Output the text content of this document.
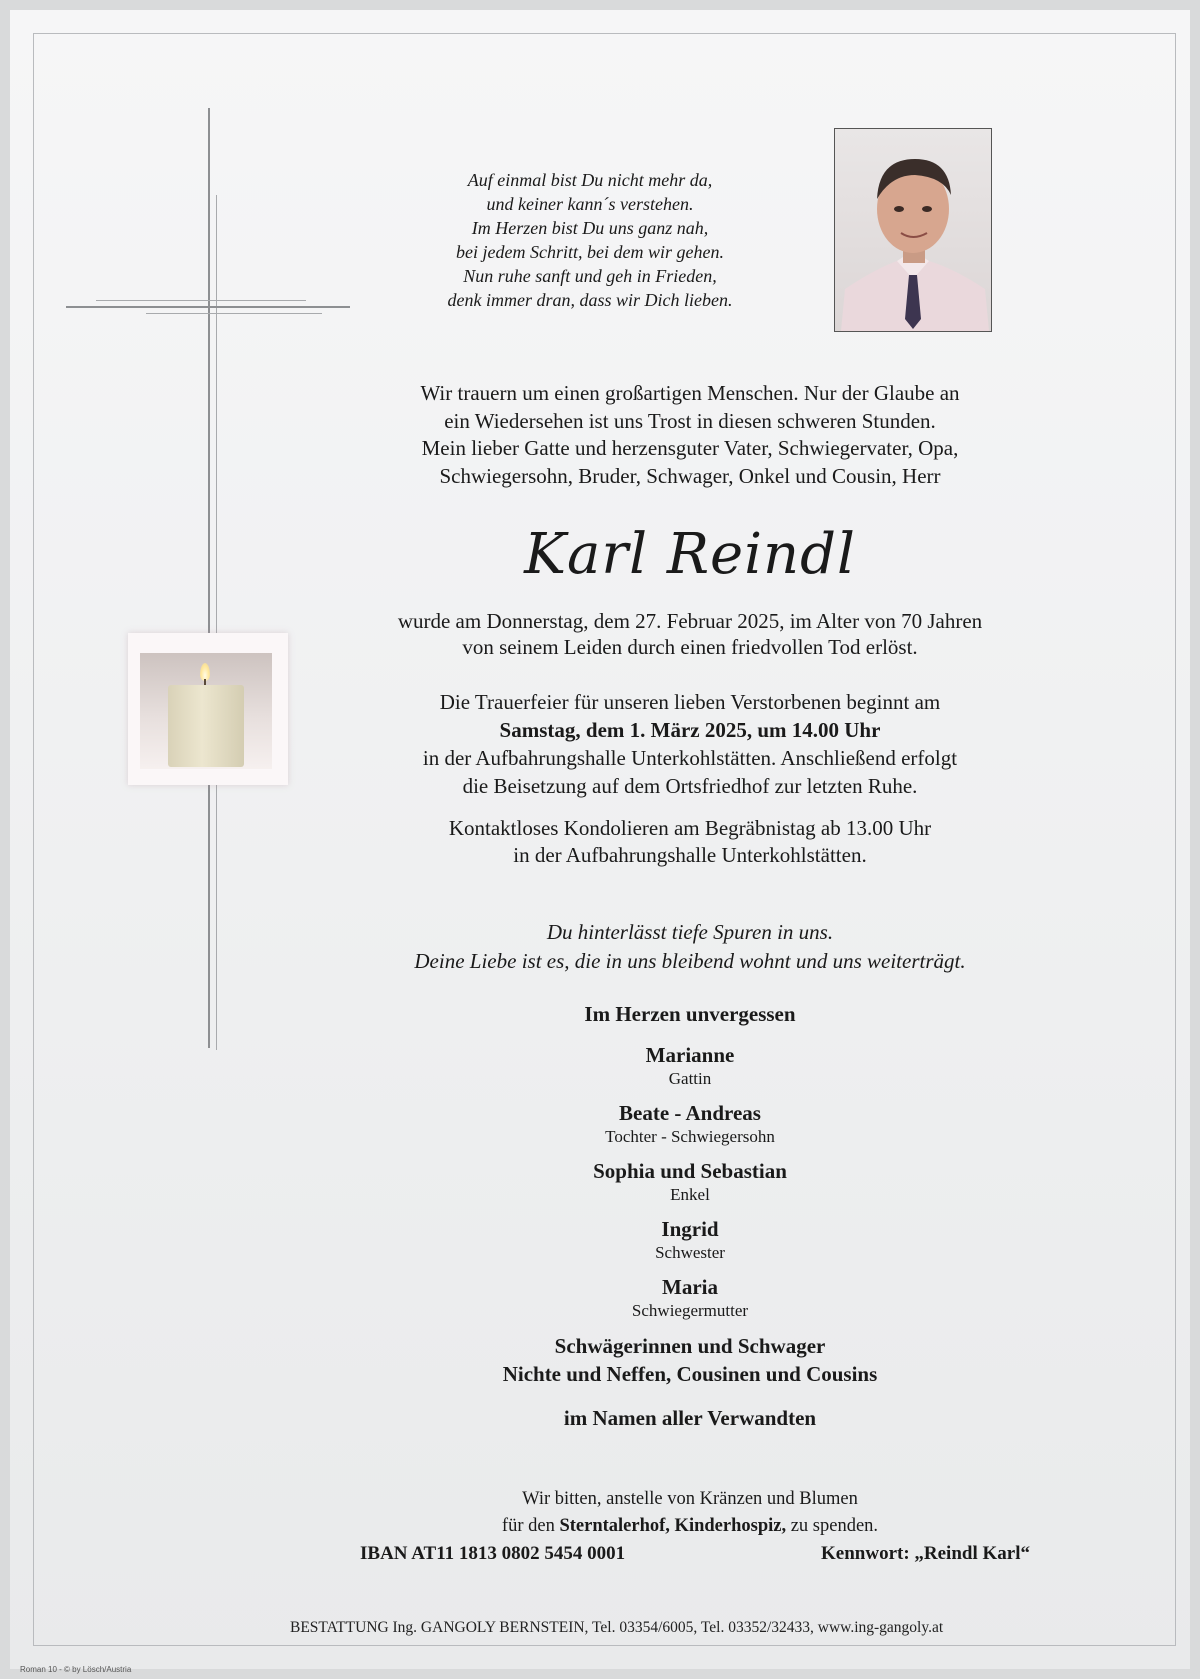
Auf einmal bist Du nicht mehr da,
und keiner kann´s verstehen.
Im Herzen bist Du uns ganz nah,
bei jedem Schritt, bei dem wir gehen.
Nun ruhe sanft und geh in Frieden,
denk immer dran, dass wir Dich lieben.
Wir trauern um einen großartigen Menschen. Nur der Glaube an
ein Wiedersehen ist uns Trost in diesen schweren Stunden.
Mein lieber Gatte und herzensguter Vater, Schwiegervater, Opa,
Schwiegersohn, Bruder, Schwager, Onkel und Cousin, Herr
Karl Reindl
wurde am Donnerstag, dem 27. Februar 2025, im Alter von 70 Jahren
von seinem Leiden durch einen friedvollen Tod erlöst.
Die Trauerfeier für unseren lieben Verstorbenen beginnt am
Samstag, dem 1. März 2025, um 14.00 Uhr
in der Aufbahrungshalle Unterkohlstätten. Anschließend erfolgt
die Beisetzung auf dem Ortsfriedhof zur letzten Ruhe.
Kontaktloses Kondolieren am Begräbnistag ab 13.00 Uhr
in der Aufbahrungshalle Unterkohlstätten.
Du hinterlässt tiefe Spuren in uns.
Deine Liebe ist es, die in uns bleibend wohnt und uns weiterträgt.
Im Herzen unvergessen
Marianne
Gattin
Beate - Andreas
Tochter - Schwiegersohn
Sophia und Sebastian
Enkel
Ingrid
Schwester
Maria
Schwiegermutter
Schwägerinnen und Schwager
Nichte und Neffen, Cousinen und Cousins
im Namen aller Verwandten
Wir bitten, anstelle von Kränzen und Blumen
für den Sterntalerhof, Kinderhospiz, zu spenden.
IBAN AT11 1813 0802 5454 0001	Kennwort: „Reindl Karl“
BESTATTUNG Ing. GANGOLY BERNSTEIN, Tel. 03354/6005, Tel. 03352/32433, www.ing-gangoly.at
Roman 10 - © by Lösch/Austria
